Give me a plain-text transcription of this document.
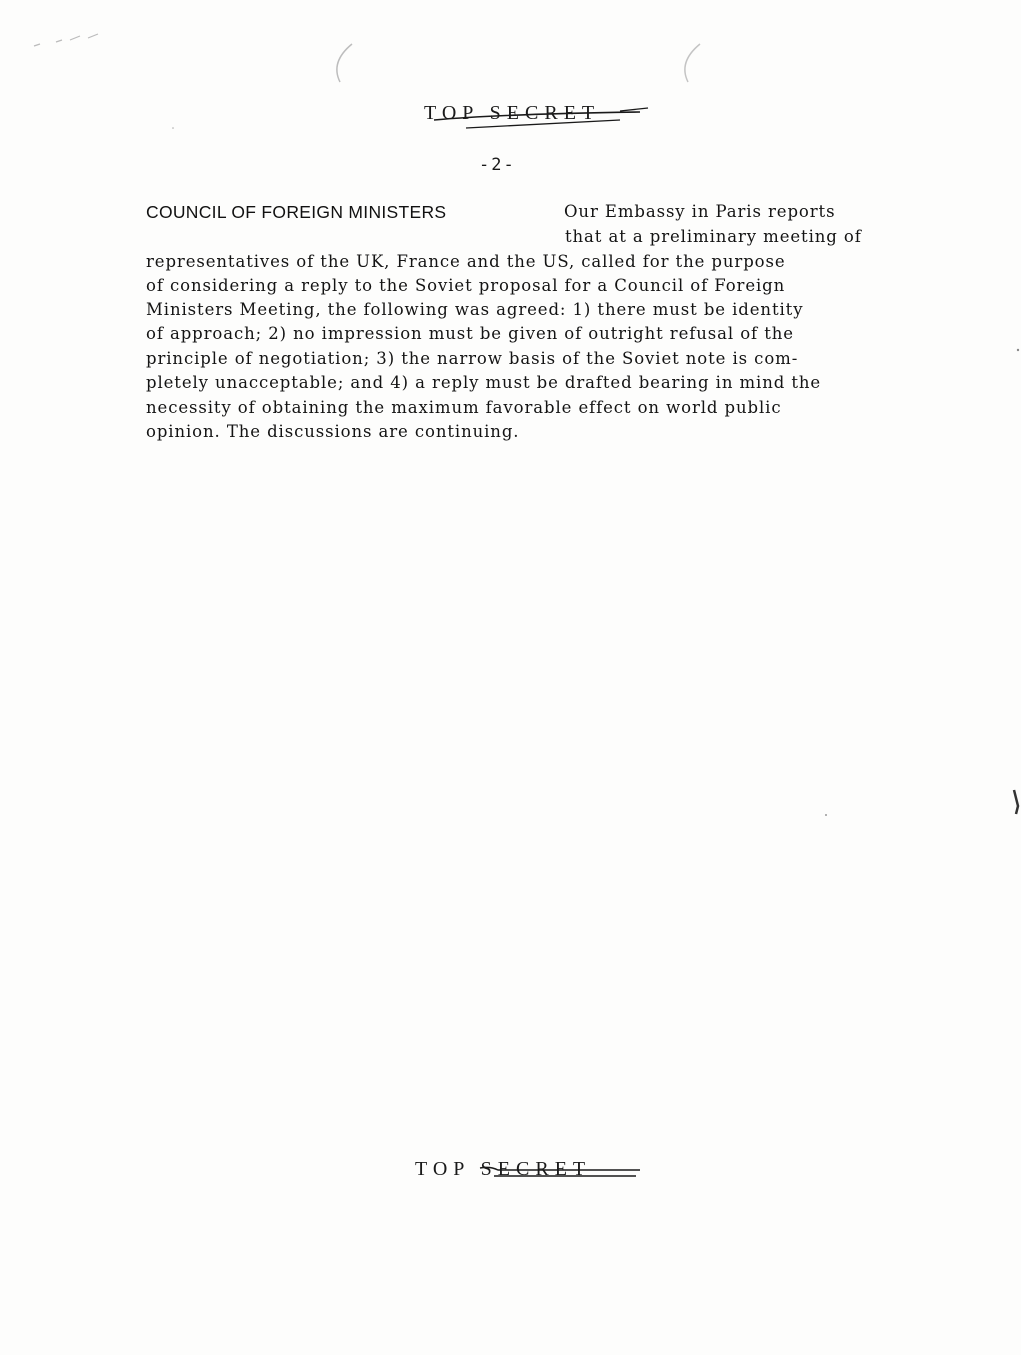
TOP SECRET
-2-
COUNCIL OF FOREIGN MINISTERS	Our Embassy in Paris reports
that at a preliminary meeting of
representatives of the UK, France and the US, called for the purpose
of considering a reply to the Soviet proposal for a Council of Foreign
Ministers Meeting, the following was agreed: 1) there must be identity
of approach; 2) no impression must be given of outright refusal of the
principle of negotiation; 3) the narrow basis of the Soviet note is com-
pletely unacceptable; and 4) a reply must be drafted bearing in mind the
necessity of obtaining the maximum favorable effect on world public
opinion. The discussions are continuing.
TOP SECRET
